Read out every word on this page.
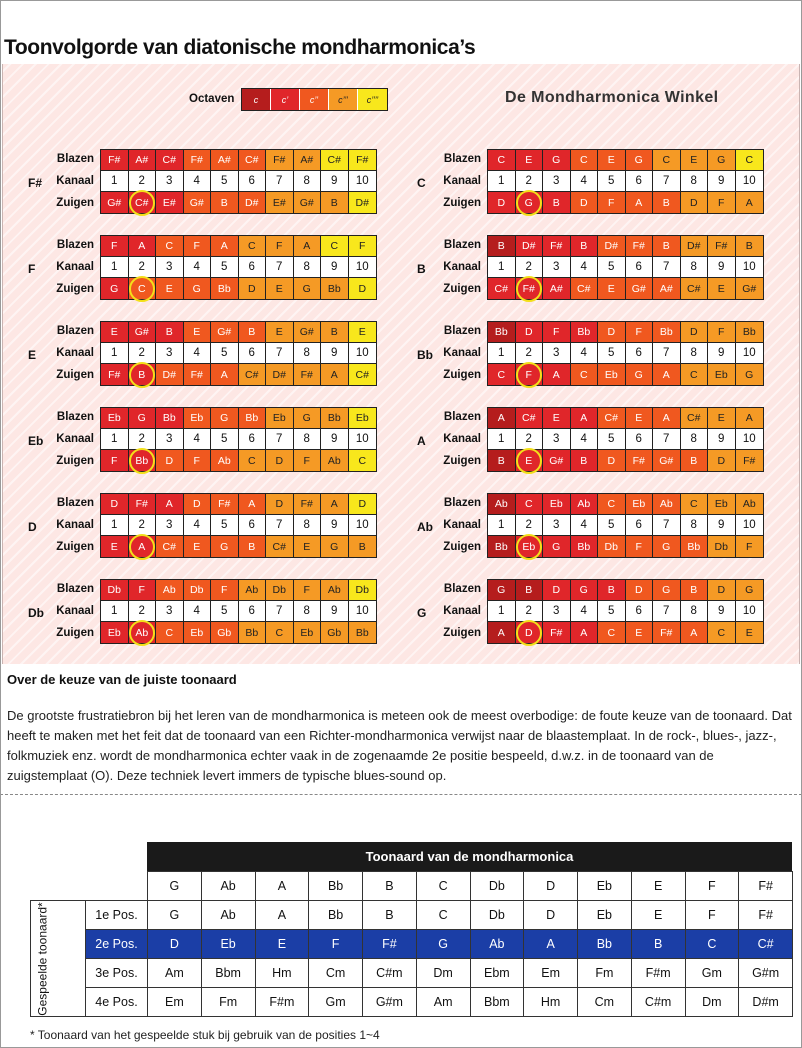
Toonvolgorde van diatonische mondharmonica’s
De Mondharmonica Winkel
Octaven	c	c’	c’’	c’’’	c’’’’
F#
Blazen
Kanaal
Zuigen
F#	A#	C#	F#	A#	C#	F#	A#	C#	F#
1	2	3	4	5	6	7	8	9	10
G#	C#	E#	G#	B	D#	E#	G#	B	D#
C
Blazen
Kanaal
Zuigen
C	E	G	C	E	G	C	E	G	C
1	2	3	4	5	6	7	8	9	10
D	G	B	D	F	A	B	D	F	A
F
Blazen
Kanaal
Zuigen
F	A	C	F	A	C	F	A	C	F
1	2	3	4	5	6	7	8	9	10
G	C	E	G	Bb	D	E	G	Bb	D
B
Blazen
Kanaal
Zuigen
B	D#	F#	B	D#	F#	B	D#	F#	B
1	2	3	4	5	6	7	8	9	10
C#	F#	A#	C#	E	G#	A#	C#	E	G#
E
Blazen
Kanaal
Zuigen
E	G#	B	E	G#	B	E	G#	B	E
1	2	3	4	5	6	7	8	9	10
F#	B	D#	F#	A	C#	D#	F#	A	C#
Bb
Blazen
Kanaal
Zuigen
Bb	D	F	Bb	D	F	Bb	D	F	Bb
1	2	3	4	5	6	7	8	9	10
C	F	A	C	Eb	G	A	C	Eb	G
Eb
Blazen
Kanaal
Zuigen
Eb	G	Bb	Eb	G	Bb	Eb	G	Bb	Eb
1	2	3	4	5	6	7	8	9	10
F	Bb	D	F	Ab	C	D	F	Ab	C
A
Blazen
Kanaal
Zuigen
A	C#	E	A	C#	E	A	C#	E	A
1	2	3	4	5	6	7	8	9	10
B	E	G#	B	D	F#	G#	B	D	F#
D
Blazen
Kanaal
Zuigen
D	F#	A	D	F#	A	D	F#	A	D
1	2	3	4	5	6	7	8	9	10
E	A	C#	E	G	B	C#	E	G	B
Ab
Blazen
Kanaal
Zuigen
Ab	C	Eb	Ab	C	Eb	Ab	C	Eb	Ab
1	2	3	4	5	6	7	8	9	10
Bb	Eb	G	Bb	Db	F	G	Bb	Db	F
Db
Blazen
Kanaal
Zuigen
Db	F	Ab	Db	F	Ab	Db	F	Ab	Db
1	2	3	4	5	6	7	8	9	10
Eb	Ab	C	Eb	Gb	Bb	C	Eb	Gb	Bb
G
Blazen
Kanaal
Zuigen
G	B	D	G	B	D	G	B	D	G
1	2	3	4	5	6	7	8	9	10
A	D	F#	A	C	E	F#	A	C	E
Over de keuze van de juiste toonaard
De grootste frustratiebron bij het leren van de mondharmonica is meteen ook de meest overbodige: de foute keuze van de toonaard. Dat heeft te maken met het feit dat de toonaard van een Richter-mondharmonica verwijst naar de blaastemplaat. In de rock-, blues-, jazz-, folkmuziek enz. wordt de mondharmonica echter vaak in de zogenaamde 2e positie bespeeld, d.w.z. in de toonaard van de zuigstemplaat (O). Deze techniek levert immers de typische blues-sound op.
Toonaard van de mondharmonica
		G	Ab	A	Bb	B	C	Db	D	Eb	E	F	F#
	1e Pos.	G	Ab	A	Bb	B	C	Db	D	Eb	E	F	F#
	2e Pos.	D	Eb	E	F	F#	G	Ab	A	Bb	B	C	C#
	3e Pos.	Am	Bbm	Hm	Cm	C#m	Dm	Ebm	Em	Fm	F#m	Gm	G#m
	4e Pos.	Em	Fm	F#m	Gm	G#m	Am	Bbm	Hm	Cm	C#m	Dm	D#m
Gespeelde toonaard*
* Toonaard van het gespeelde stuk bij gebruik van de posities 1~4
